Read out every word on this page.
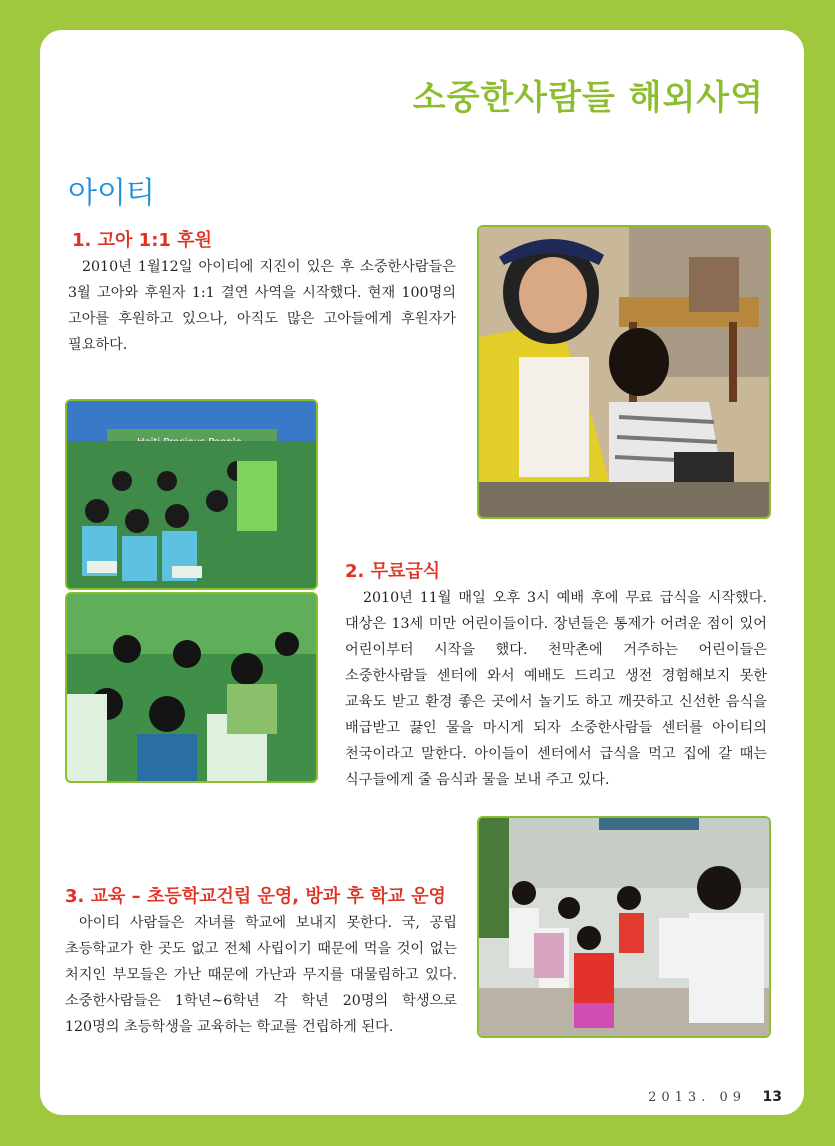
소중한사람들 해외사역
아이티
1. 고아 1:1 후원

2010년 1월12일 아이티에 지진이 있은 후 소중한사람들은 3월 고아와 후원자 1:1 결연 사역을 시작했다. 현재 100명의 고아를 후원하고 있으나, 아직도 많은 고아들에게 후원자가 필요하다.

2. 무료급식

2010년 11월 매일 오후 3시 예배 후에 무료 급식을 시작했다. 대상은 13세 미만 어린이들이다. 장년들은 통제가 어려운 점이 있어 어린이부터 시작을 했다. 천막촌에 거주하는 어린이들은 소중한사람들 센터에 와서 예배도 드리고 생전 경험해보지 못한 교육도 받고 환경 좋은 곳에서 놀기도 하고 깨끗하고 신선한 음식을 배급받고 끓인 물을 마시게 되자 소중한사람들 센터를 아이티의 천국이라고 말한다. 아이들이 센터에서 급식을 먹고 집에 갈 때는 식구들에게 줄 음식과 물을 보내 주고 있다.

3. 교육 – 초등학교건립 운영, 방과 후 학교 운영

아이티 사람들은 자녀를 학교에 보내지 못한다. 국, 공립 초등학교가 한 곳도 없고 전체 사립이기 때문에 먹을 것이 없는 처지인 부모들은 가난 때문에 가난과 무지를 대물림하고 있다. 소중한사람들은 1학년~6학년 각 학년 20명의 학생으로 120명의 초등학생을 교육하는 학교를 건립하게 된다.

2013. 09 13
